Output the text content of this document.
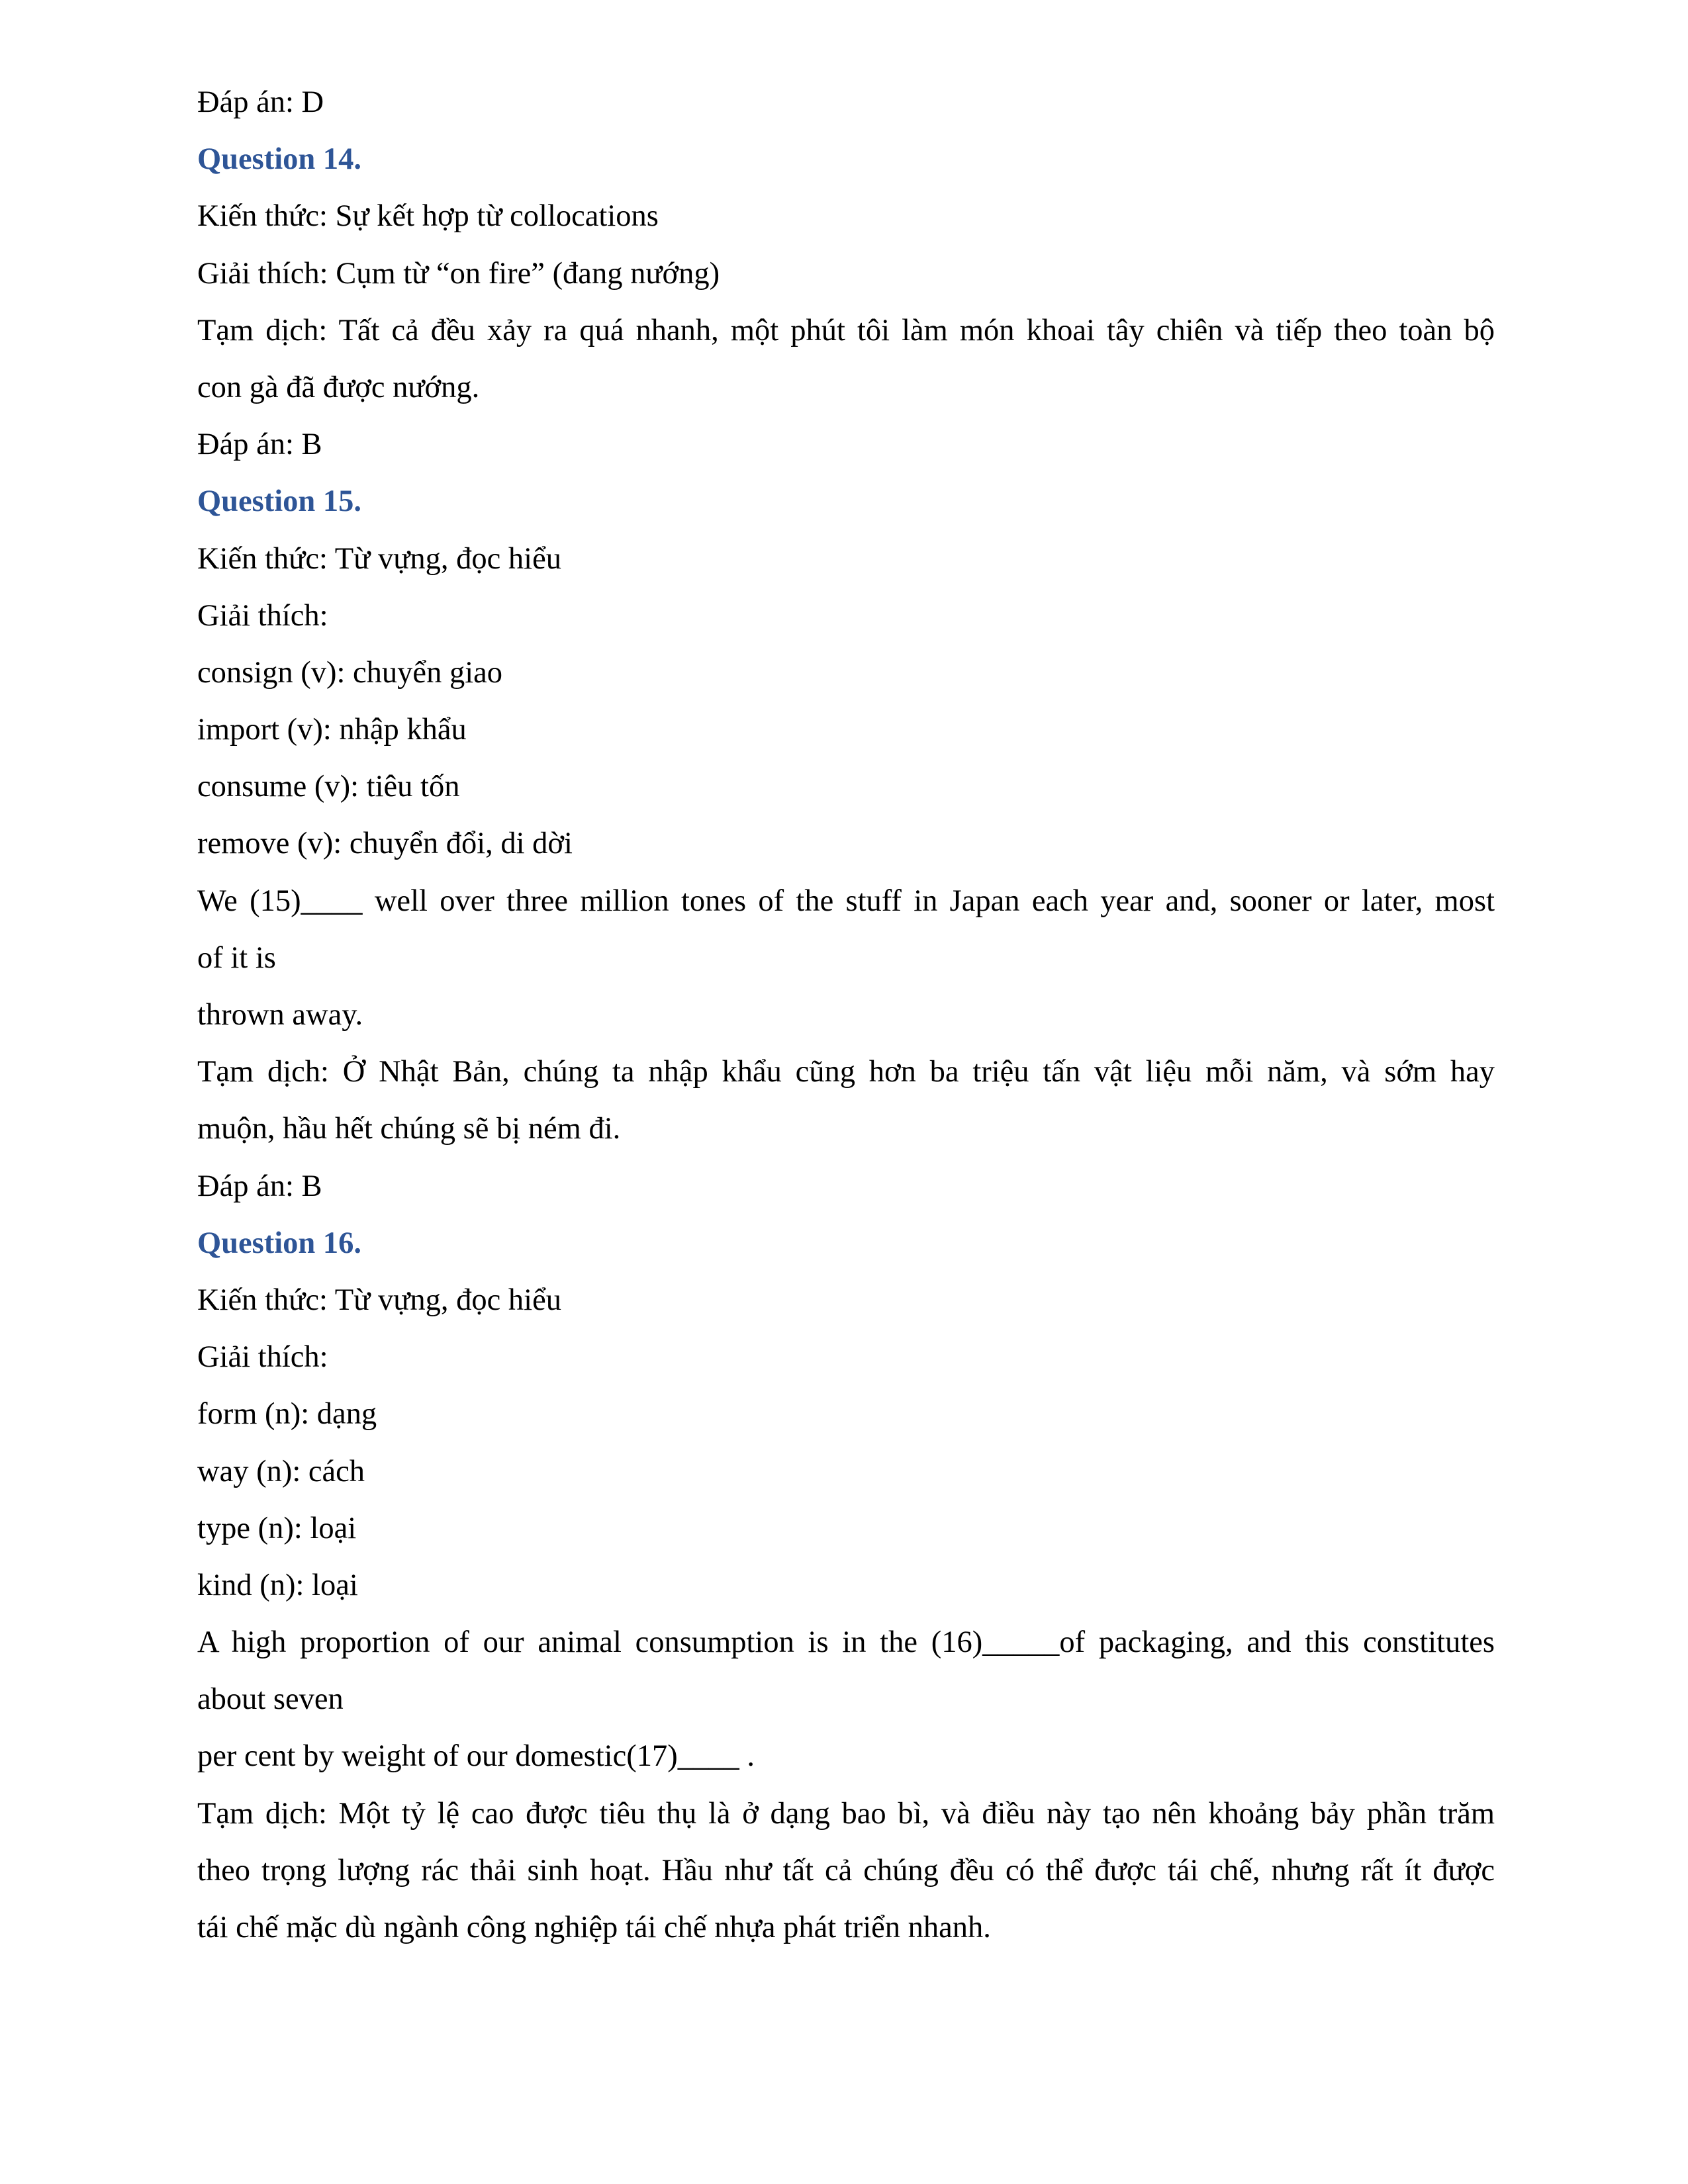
Đáp án: D
Question 14.
Kiến thức: Sự kết hợp từ collocations
Giải thích: Cụm từ “on fire” (đang nướng)
Tạm dịch: Tất cả đều xảy ra quá nhanh, một phút tôi làm món khoai tây chiên và tiếp theo toàn bộ
con gà đã được nướng.
Đáp án: B
Question 15.
Kiến thức: Từ vựng, đọc hiểu
Giải thích:
consign (v): chuyển giao
import (v): nhập khẩu
consume (v): tiêu tốn
remove (v): chuyển đổi, di dời
We (15)____ well over three million tones of the stuff in Japan each year and, sooner or later, most
of it is
thrown away.
Tạm dịch: Ở Nhật Bản, chúng ta nhập khẩu cũng hơn ba triệu tấn vật liệu mỗi năm, và sớm hay
muộn, hầu hết chúng sẽ bị ném đi.
Đáp án: B
Question 16.
Kiến thức: Từ vựng, đọc hiểu
Giải thích:
form (n): dạng
way (n): cách
type (n): loại
kind (n): loại
A high proportion of our animal consumption is in the (16)_____of packaging, and this constitutes
about seven
per cent by weight of our domestic(17)____ .
Tạm dịch: Một tỷ lệ cao được tiêu thụ là ở dạng bao bì, và điều này tạo nên khoảng bảy phần trăm
theo trọng lượng rác thải sinh hoạt. Hầu như tất cả chúng đều có thể được tái chế, nhưng rất ít được
tái chế mặc dù ngành công nghiệp tái chế nhựa phát triển nhanh.
